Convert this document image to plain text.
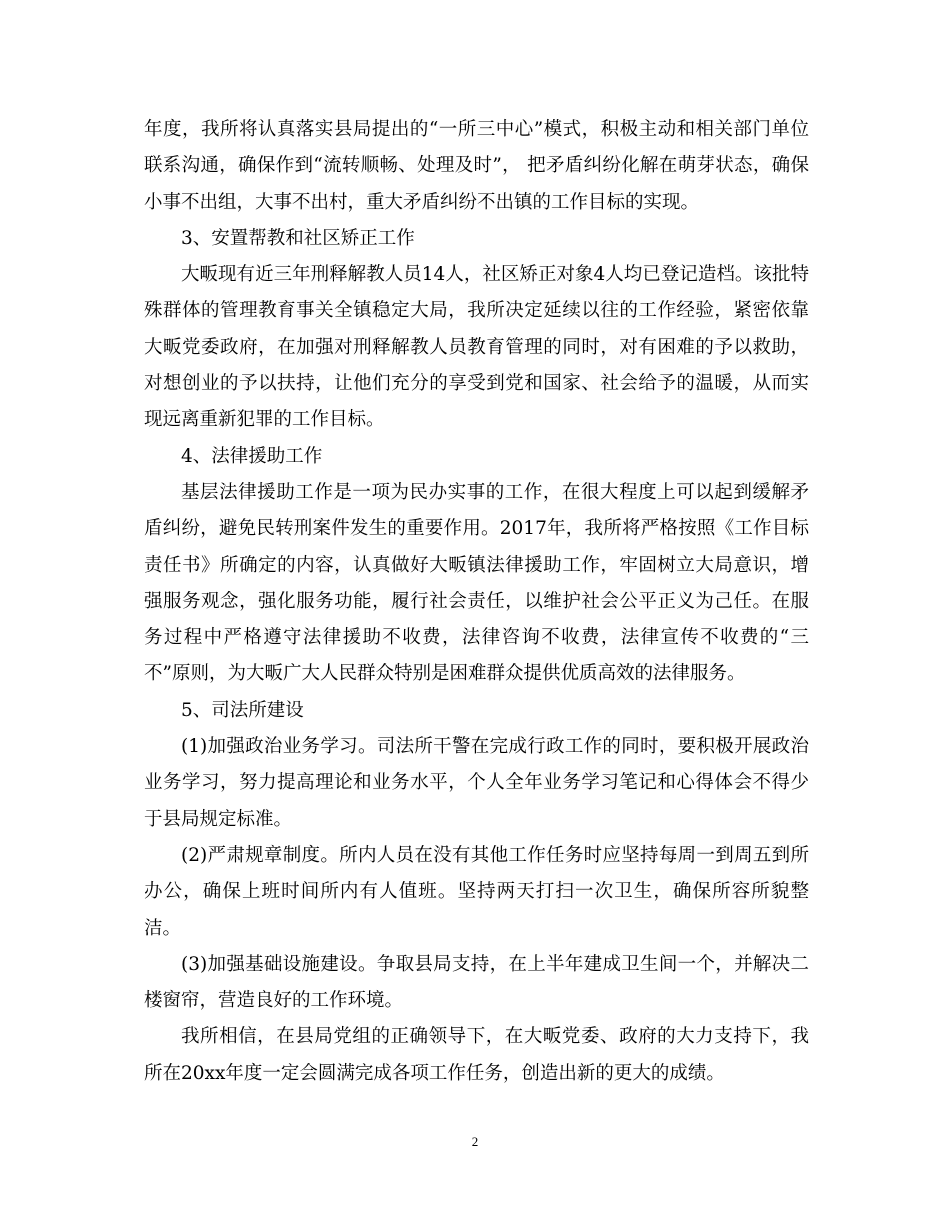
年度，我所将认真落实县局提出的“一所三中心”模式，积极主动和相关部门单位联系沟通，确保作到“流转顺畅、处理及时”， 把矛盾纠纷化解在萌芽状态，确保小事不出组，大事不出村，重大矛盾纠纷不出镇的工作目标的实现。

3、安置帮教和社区矫正工作

大畈现有近三年刑释解教人员14人，社区矫正对象4人均已登记造档。该批特殊群体的管理教育事关全镇稳定大局，我所决定延续以往的工作经验，紧密依靠大畈党委政府，在加强对刑释解教人员教育管理的同时，对有困难的予以救助，对想创业的予以扶持，让他们充分的享受到党和国家、社会给予的温暖，从而实现远离重新犯罪的工作目标。

4、法律援助工作

基层法律援助工作是一项为民办实事的工作，在很大程度上可以起到缓解矛盾纠纷，避免民转刑案件发生的重要作用。2017年，我所将严格按照《工作目标责任书》所确定的内容，认真做好大畈镇法律援助工作，牢固树立大局意识，增强服务观念，强化服务功能，履行社会责任，以维护社会公平正义为己任。在服务过程中严格遵守法律援助不收费，法律咨询不收费，法律宣传不收费的“三不”原则，为大畈广大人民群众特别是困难群众提供优质高效的法律服务。

5、司法所建设

(1)加强政治业务学习。司法所干警在完成行政工作的同时，要积极开展政治业务学习，努力提高理论和业务水平，个人全年业务学习笔记和心得体会不得少于县局规定标准。

(2)严肃规章制度。所内人员在没有其他工作任务时应坚持每周一到周五到所办公，确保上班时间所内有人值班。坚持两天打扫一次卫生，确保所容所貌整洁。

(3)加强基础设施建设。争取县局支持，在上半年建成卫生间一个，并解决二楼窗帘，营造良好的工作环境。

我所相信，在县局党组的正确领导下，在大畈党委、政府的大力支持下，我所在20xx年度一定会圆满完成各项工作任务，创造出新的更大的成绩。

2
